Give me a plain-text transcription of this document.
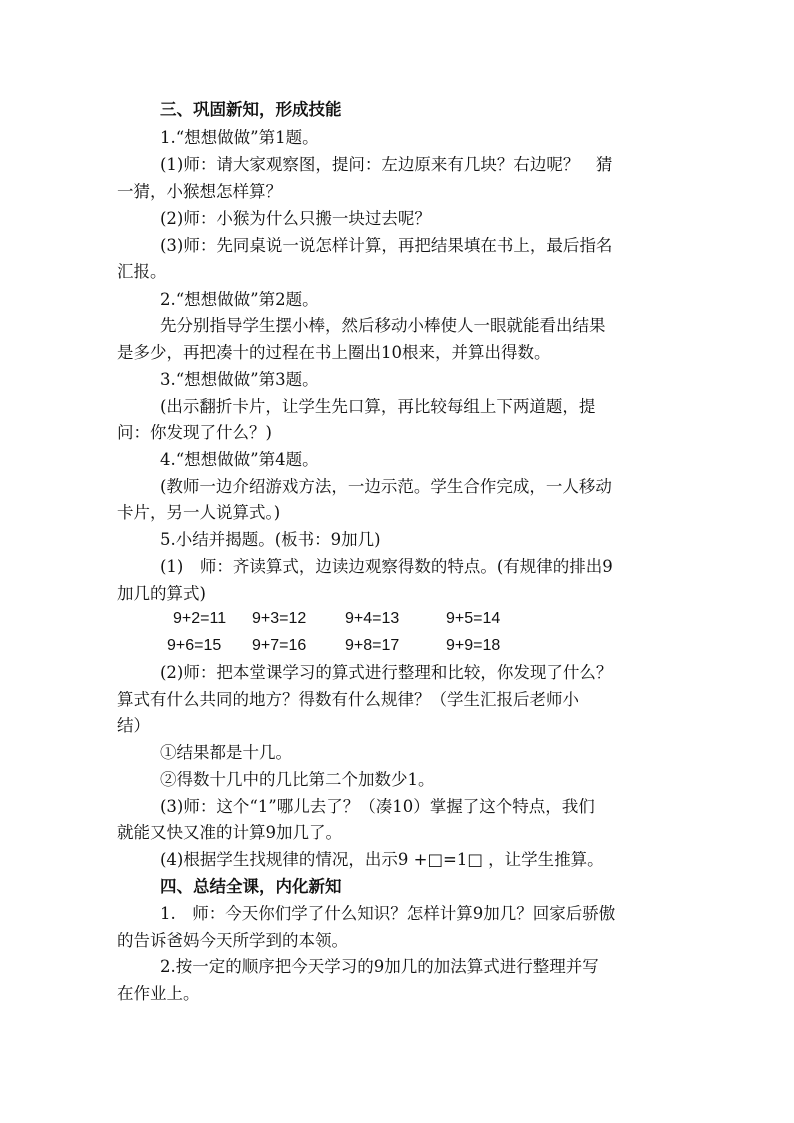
三、巩固新知，形成技能
1.“想想做做”第1题。
(1)师：请大家观察图，提问：左边原来有几块？右边呢？　猜
一猜，小猴想怎样算？
(2)师：小猴为什么只搬一块过去呢？
(3)师：先同桌说一说怎样计算，再把结果填在书上，最后指名
汇报。
2.“想想做做”第2题。
先分别指导学生摆小棒，然后移动小棒使人一眼就能看出结果
是多少，再把凑十的过程在书上圈出10根来，并算出得数。
3.“想想做做”第3题。
(出示翻折卡片，让学生先口算，再比较每组上下两道题，提
问：你发现了什么？)
4.“想想做做”第4题。
(教师一边介绍游戏方法，一边示范。学生合作完成，一人移动
卡片，另一人说算式。)
5.小结并揭题。(板书：9加几)
(1)　师：齐读算式，边读边观察得数的特点。(有规律的排出9
加几的算式)
9+2=11 9+3=12 9+4=13	9+5=14
9+6=15 9+7=16 9+8=17	9+9=18
(2)师：把本堂课学习的算式进行整理和比较，你发现了什么？
算式有什么共同的地方？得数有什么规律？（学生汇报后老师小
结）
①结果都是十几。
②得数十几中的几比第二个加数少1。
(3)师：这个“1”哪儿去了？（凑10）掌握了这个特点，我们
就能又快又准的计算9加几了。
(4)根据学生找规律的情况，出示9 +□=1□ ，让学生推算。
四、总结全课，内化新知
1.　师：今天你们学了什么知识？怎样计算9加几？回家后骄傲
的告诉爸妈今天所学到的本领。
2.按一定的顺序把今天学习的9加几的加法算式进行整理并写
在作业上。
